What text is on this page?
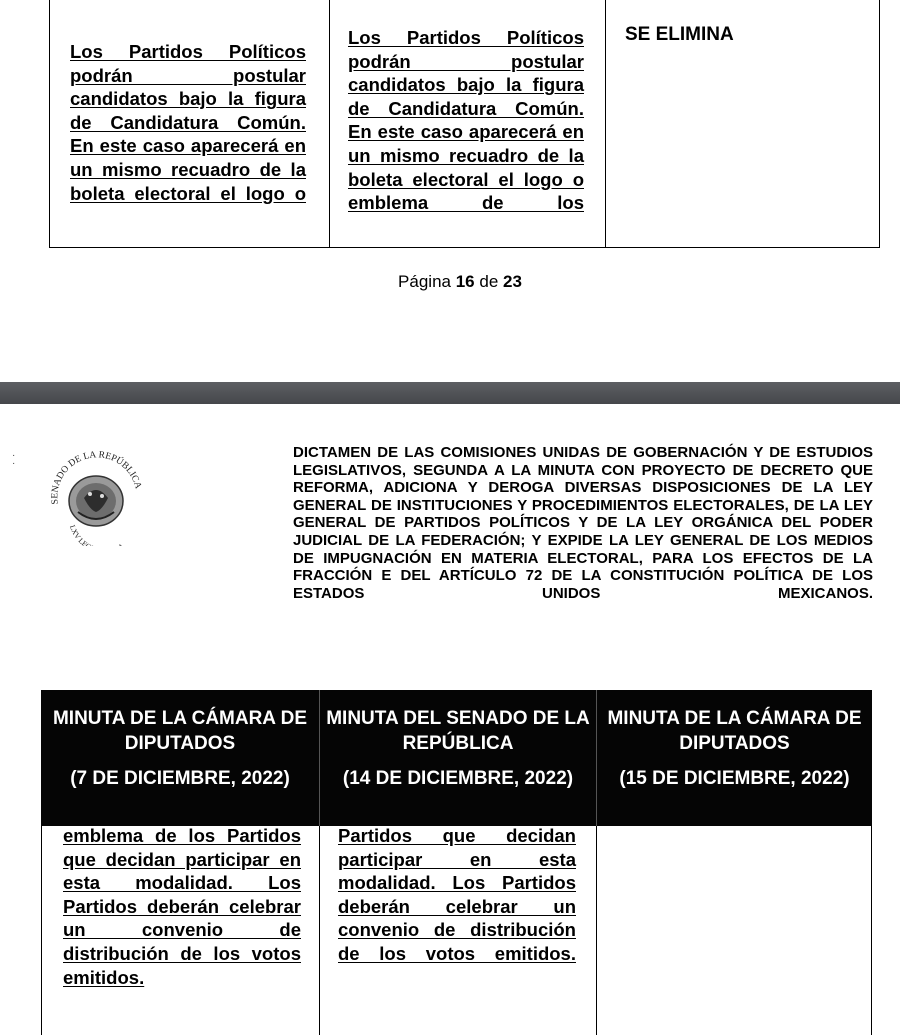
Los Partidos Políticos podrán postular candidatos bajo la figura de Candidatura Común. En este caso aparecerá en un mismo recuadro de la boleta electoral el logo o
Los Partidos Políticos podrán postular candidatos bajo la figura de Candidatura Común. En este caso aparecerá en un mismo recuadro de la boleta electoral el logo o emblema de los
SE ELIMINA
Página 16 de 23
·
·
SENADO DE LA REPÚBLICA
LXV LE
DICTAMEN DE LAS COMISIONES UNIDAS DE GOBERNACIÓN Y DE ESTUDIOS LEGISLATIVOS, SEGUNDA A LA MINUTA CON PROYECTO DE DECRETO QUE REFORMA, ADICIONA Y DEROGA DIVERSAS DISPOSICIONES DE LA LEY GENERAL DE INSTITUCIONES Y PROCEDIMIENTOS ELECTORALES, DE LA LEY GENERAL DE PARTIDOS POLÍTICOS Y DE LA LEY ORGÁNICA DEL PODER JUDICIAL DE LA FEDERACIÓN; Y EXPIDE LA LEY GENERAL DE LOS MEDIOS DE IMPUGNACIÓN EN MATERIA ELECTORAL, PARA LOS EFECTOS DE LA FRACCIÓN E DEL ARTÍCULO 72 DE LA CONSTITUCIÓN POLÍTICA DE LOS ESTADOS UNIDOS MEXICANOS.
MINUTA DE LA CÁMARA DE DIPUTADOS
(7 DE DICIEMBRE, 2022)
MINUTA DEL SENADO DE LA REPÚBLICA
(14 DE DICIEMBRE, 2022)
MINUTA DE LA CÁMARA DE DIPUTADOS
(15 DE DICIEMBRE, 2022)
emblema de los Partidos que decidan participar en esta modalidad. Los Partidos deberán celebrar un convenio de distribución de los votos emitidos.
Partidos que decidan participar en esta modalidad. Los Partidos deberán celebrar un convenio de distribución de los votos emitidos.
